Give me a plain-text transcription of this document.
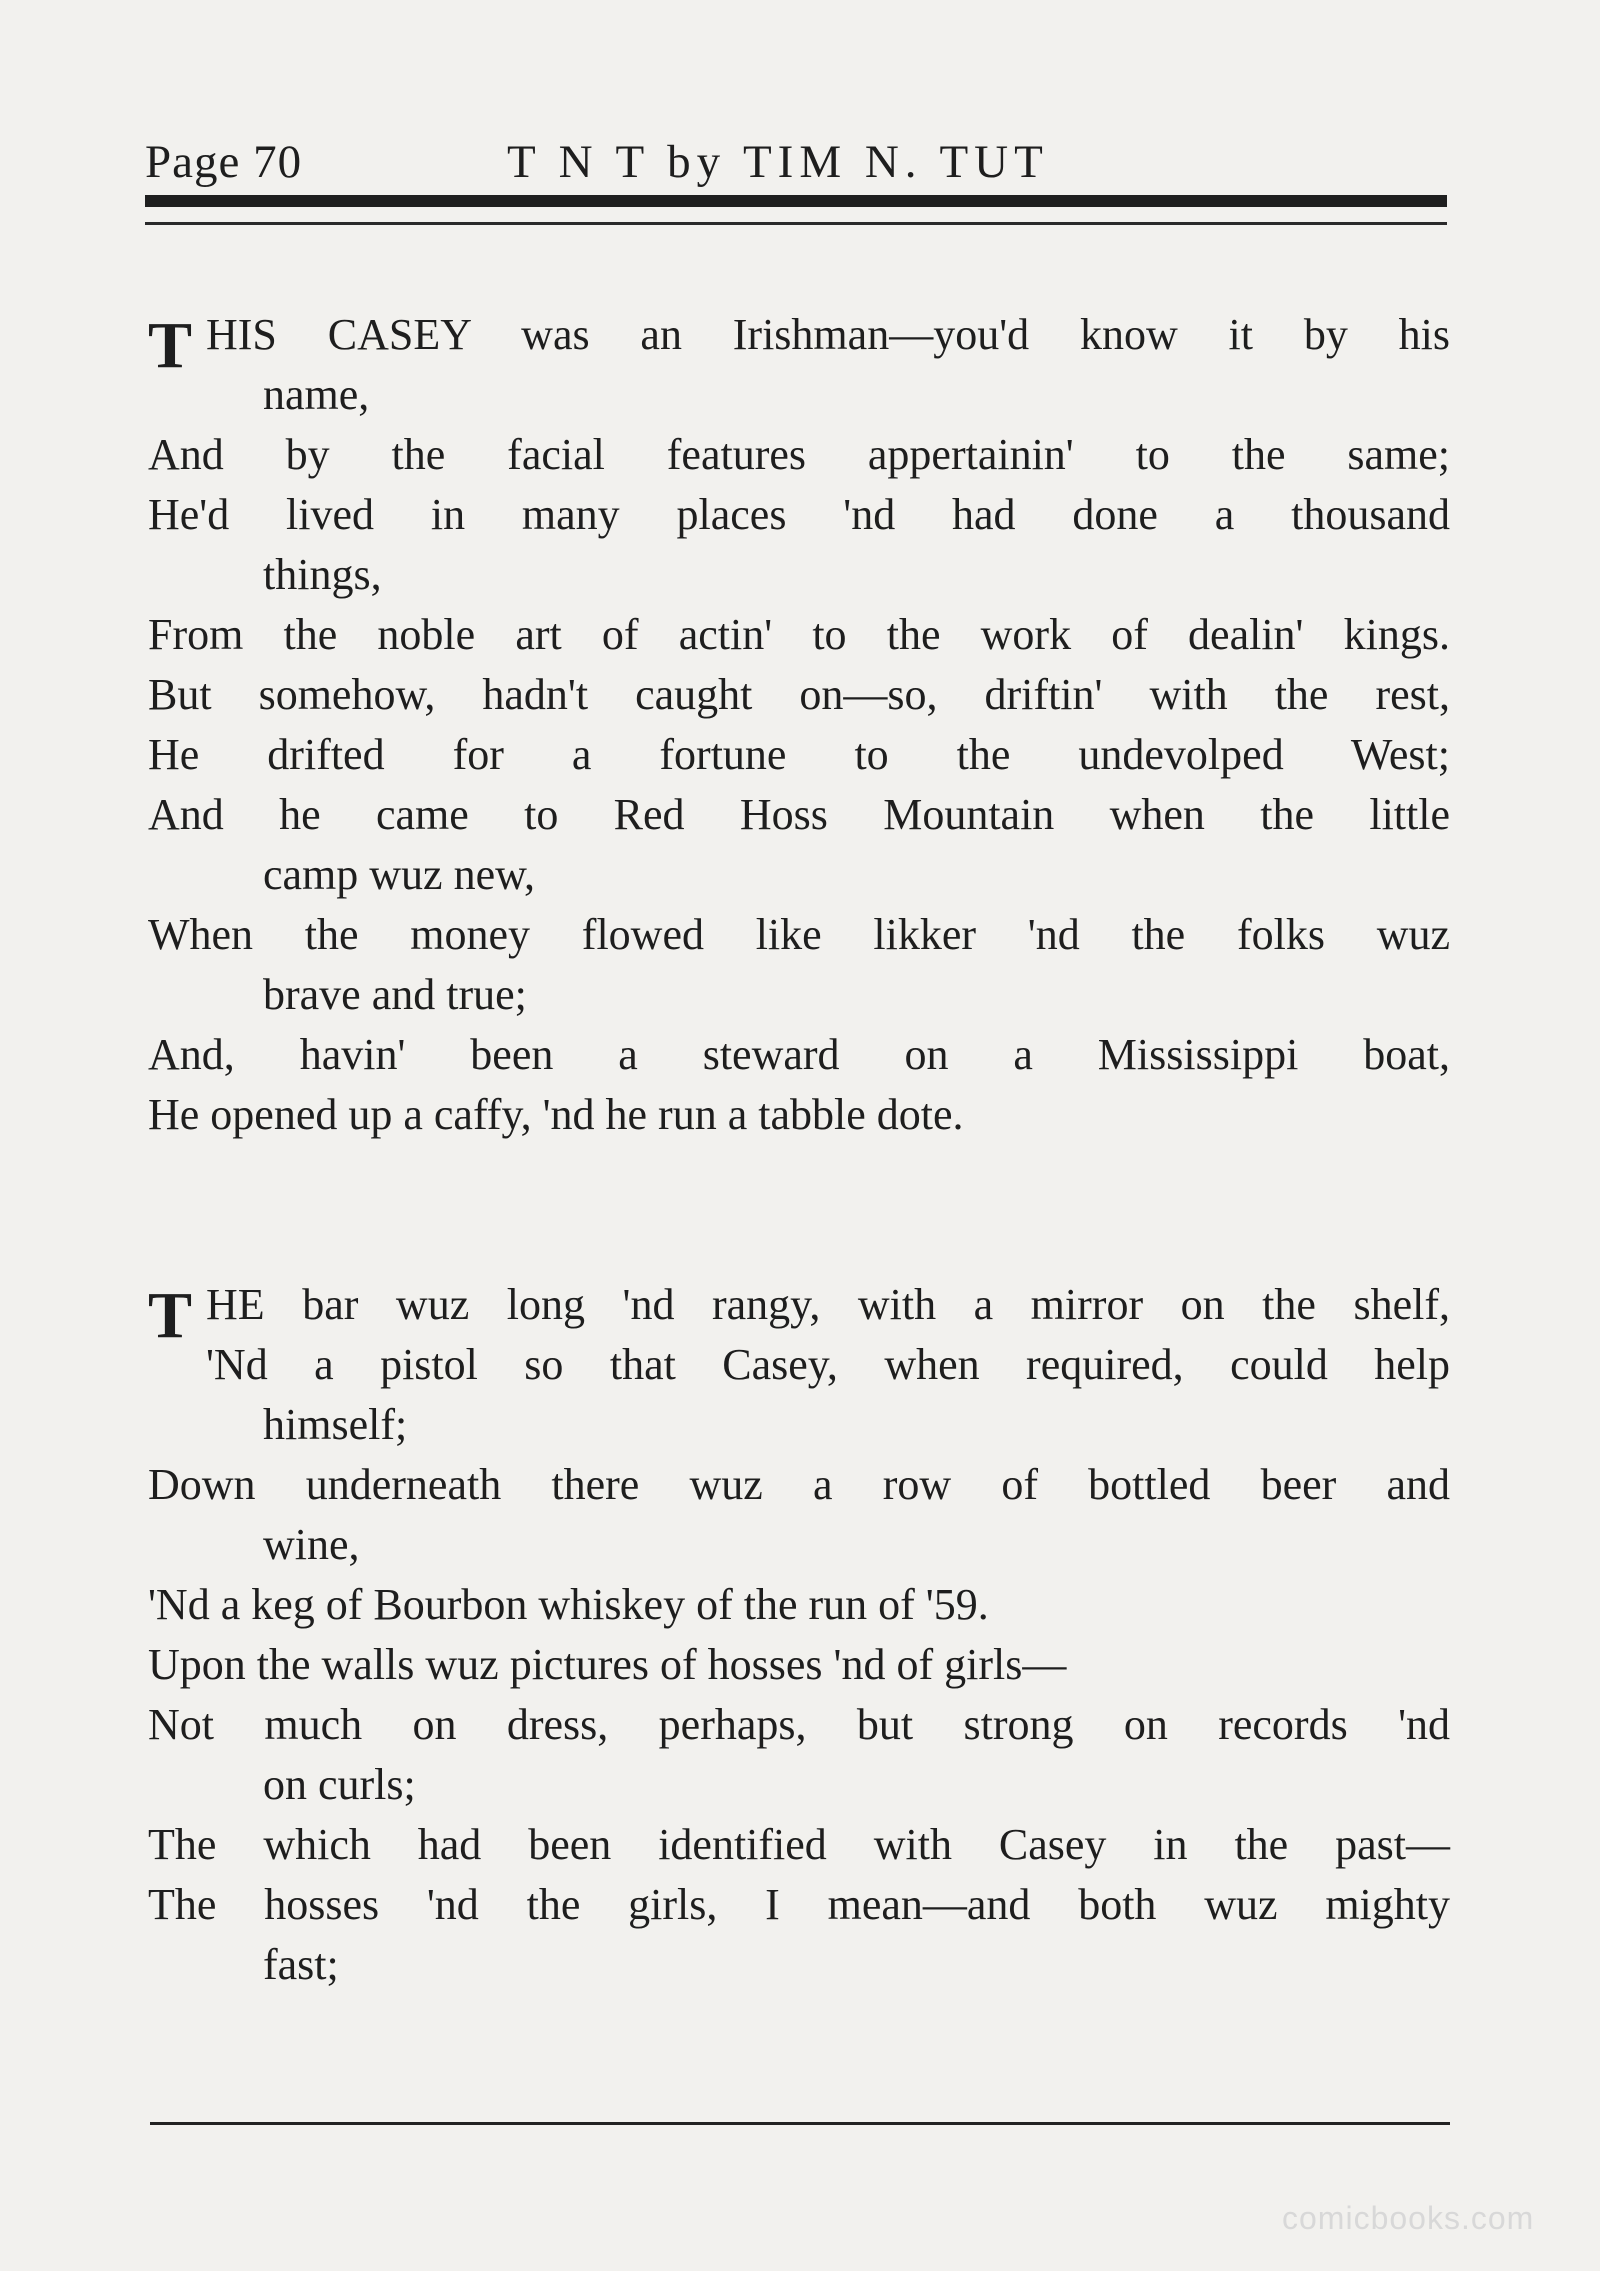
Page 70	T N T by TIM N. TUT
T HIS CASEY was an Irishman—you'd know it by his
name,
And by the facial features appertainin' to the same;
He'd lived in many places 'nd had done a thousand
things,
From the noble art of actin' to the work of dealin' kings.
But somehow, hadn't caught on—so, driftin' with the rest,
He drifted for a fortune to the undevolped West;
And he came to Red Hoss Mountain when the little
camp wuz new,
When the money flowed like likker 'nd the folks wuz
brave and true;
And, havin' been a steward on a Mississippi boat,
He opened up a caffy, 'nd he run a tabble dote.
T HE bar wuz long 'nd rangy, with a mirror on the shelf,
'Nd a pistol so that Casey, when required, could help
himself;
Down underneath there wuz a row of bottled beer and
wine,
'Nd a keg of Bourbon whiskey of the run of '59.
Upon the walls wuz pictures of hosses 'nd of girls—
Not much on dress, perhaps, but strong on records 'nd
on curls;
The which had been identified with Casey in the past—
The hosses 'nd the girls, I mean—and both wuz mighty
fast;
comicbooks.com
